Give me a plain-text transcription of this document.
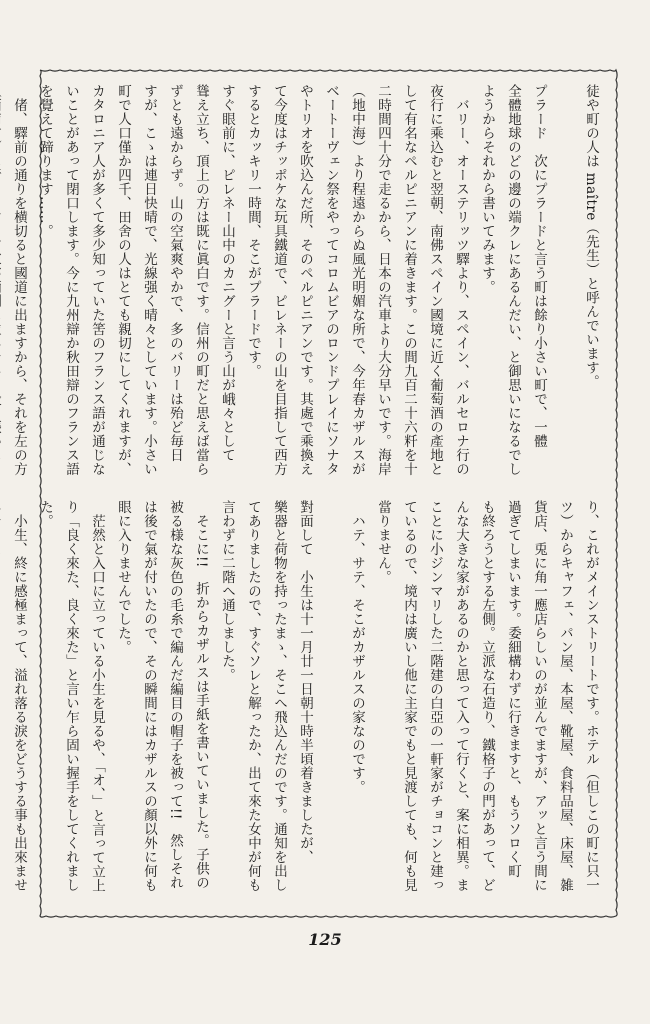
徒や町の人は maître（先生）と呼んでいます。

プラード　次にプラードと言う町は餘り小さい町で、一體
全體地球のどの邊の端クレにあるんだい、と御思いになるでし
ようからそれから書いてみます。
　バリー、オーステリッツ驛より、スペイン、バルセロナ行の
夜行に乘込むと翌朝、南佛スペイン國境に近く葡萄酒の產地と
して有名なペルピニアンに着きます。この間九百二十六粁を十
二時間四十分で走るから、日本の汽車より大分早いです。海岸
（地中海）より程遠からぬ風光明媚な所で、今年春カザルスが
ベートーヴェン祭をやってコロムビアのロンドプレイにソナタ
やトリオを吹込んだ所、そのペルピニアンです。其處で乘換え
て今度はチッポケな玩具鐵道で、ピレネーの山を目指して西方
するとカッキリ一時間、そこがプラードです。
すぐ眼前に、ピレネー山中のカニグーと言う山が峨々として
聳え立ち、頂上の方は既に眞白です。信州の町だと思えば當ら
ずとも遠からず。山の空氣爽やかで、多のバリーは殆ど毎日
すが、こゝは連日快晴で、光線强く晴々としています。小さい
町で人口僅か四千、田舍の人はとても親切にしてくれますが、
カタロニア人が多くて多少知っていた筈のフランス語が通じな
いことがあって閉口します。今に九州辯か秋田辯のフランス語
を覺えて蹄ります……。
　偖、驛前の通りを横切ると國道に出ますから、それを左の方
り、これがメインストリートです。ホテル（但しこの町に只一
ツ）からキャフェ、パン屋、本屋、靴屋、食料品屋、床屋、雑
貨店、兎に角一應店らしいのが並んでますが、アッと言う間に
過ぎてしまいます。委細構わずに行きますと、もうソロく町
も終ろうとする左側。立派な石造り、鐵格子の門があって、ど
んな大きな家があるのかと思って入って行くと、案に相異。ま
ことに小ジンマリした二階建の白亞の一軒家がチョコンと建っ
ているので、境内は廣いし他に主家でもと見渡しても、何も見
當りません。
　ハテ、サテ、そこがカザルスの家なのです。

對面して　小生は十一月廿一日朝十時半頃着きましたが、
樂器と荷物を持ったまゝ、そこへ飛込んだのです。通知を出し
てありましたので、すぐソレと解ったか、出て來た女中が何も
言わずに二階へ通しました。
　そこに!!　折からカザルスは手紙を書いていました。子供の
被る様な灰色の毛糸で編んだ編目の帽子を被って!!　然しそれ
は後で氣が付いたので、その瞬間にはカザルスの顏以外に何も
眼に入りませんでした。
　茫然と入口に立っている小生を見るや、「オ、」と言って立上
り「良く來た、良く來た」と言い乍ら固い握手をしてくれまし
た。
　小生、終に感極まって、溢れ落る淚をどうする事も出來ませ
125
